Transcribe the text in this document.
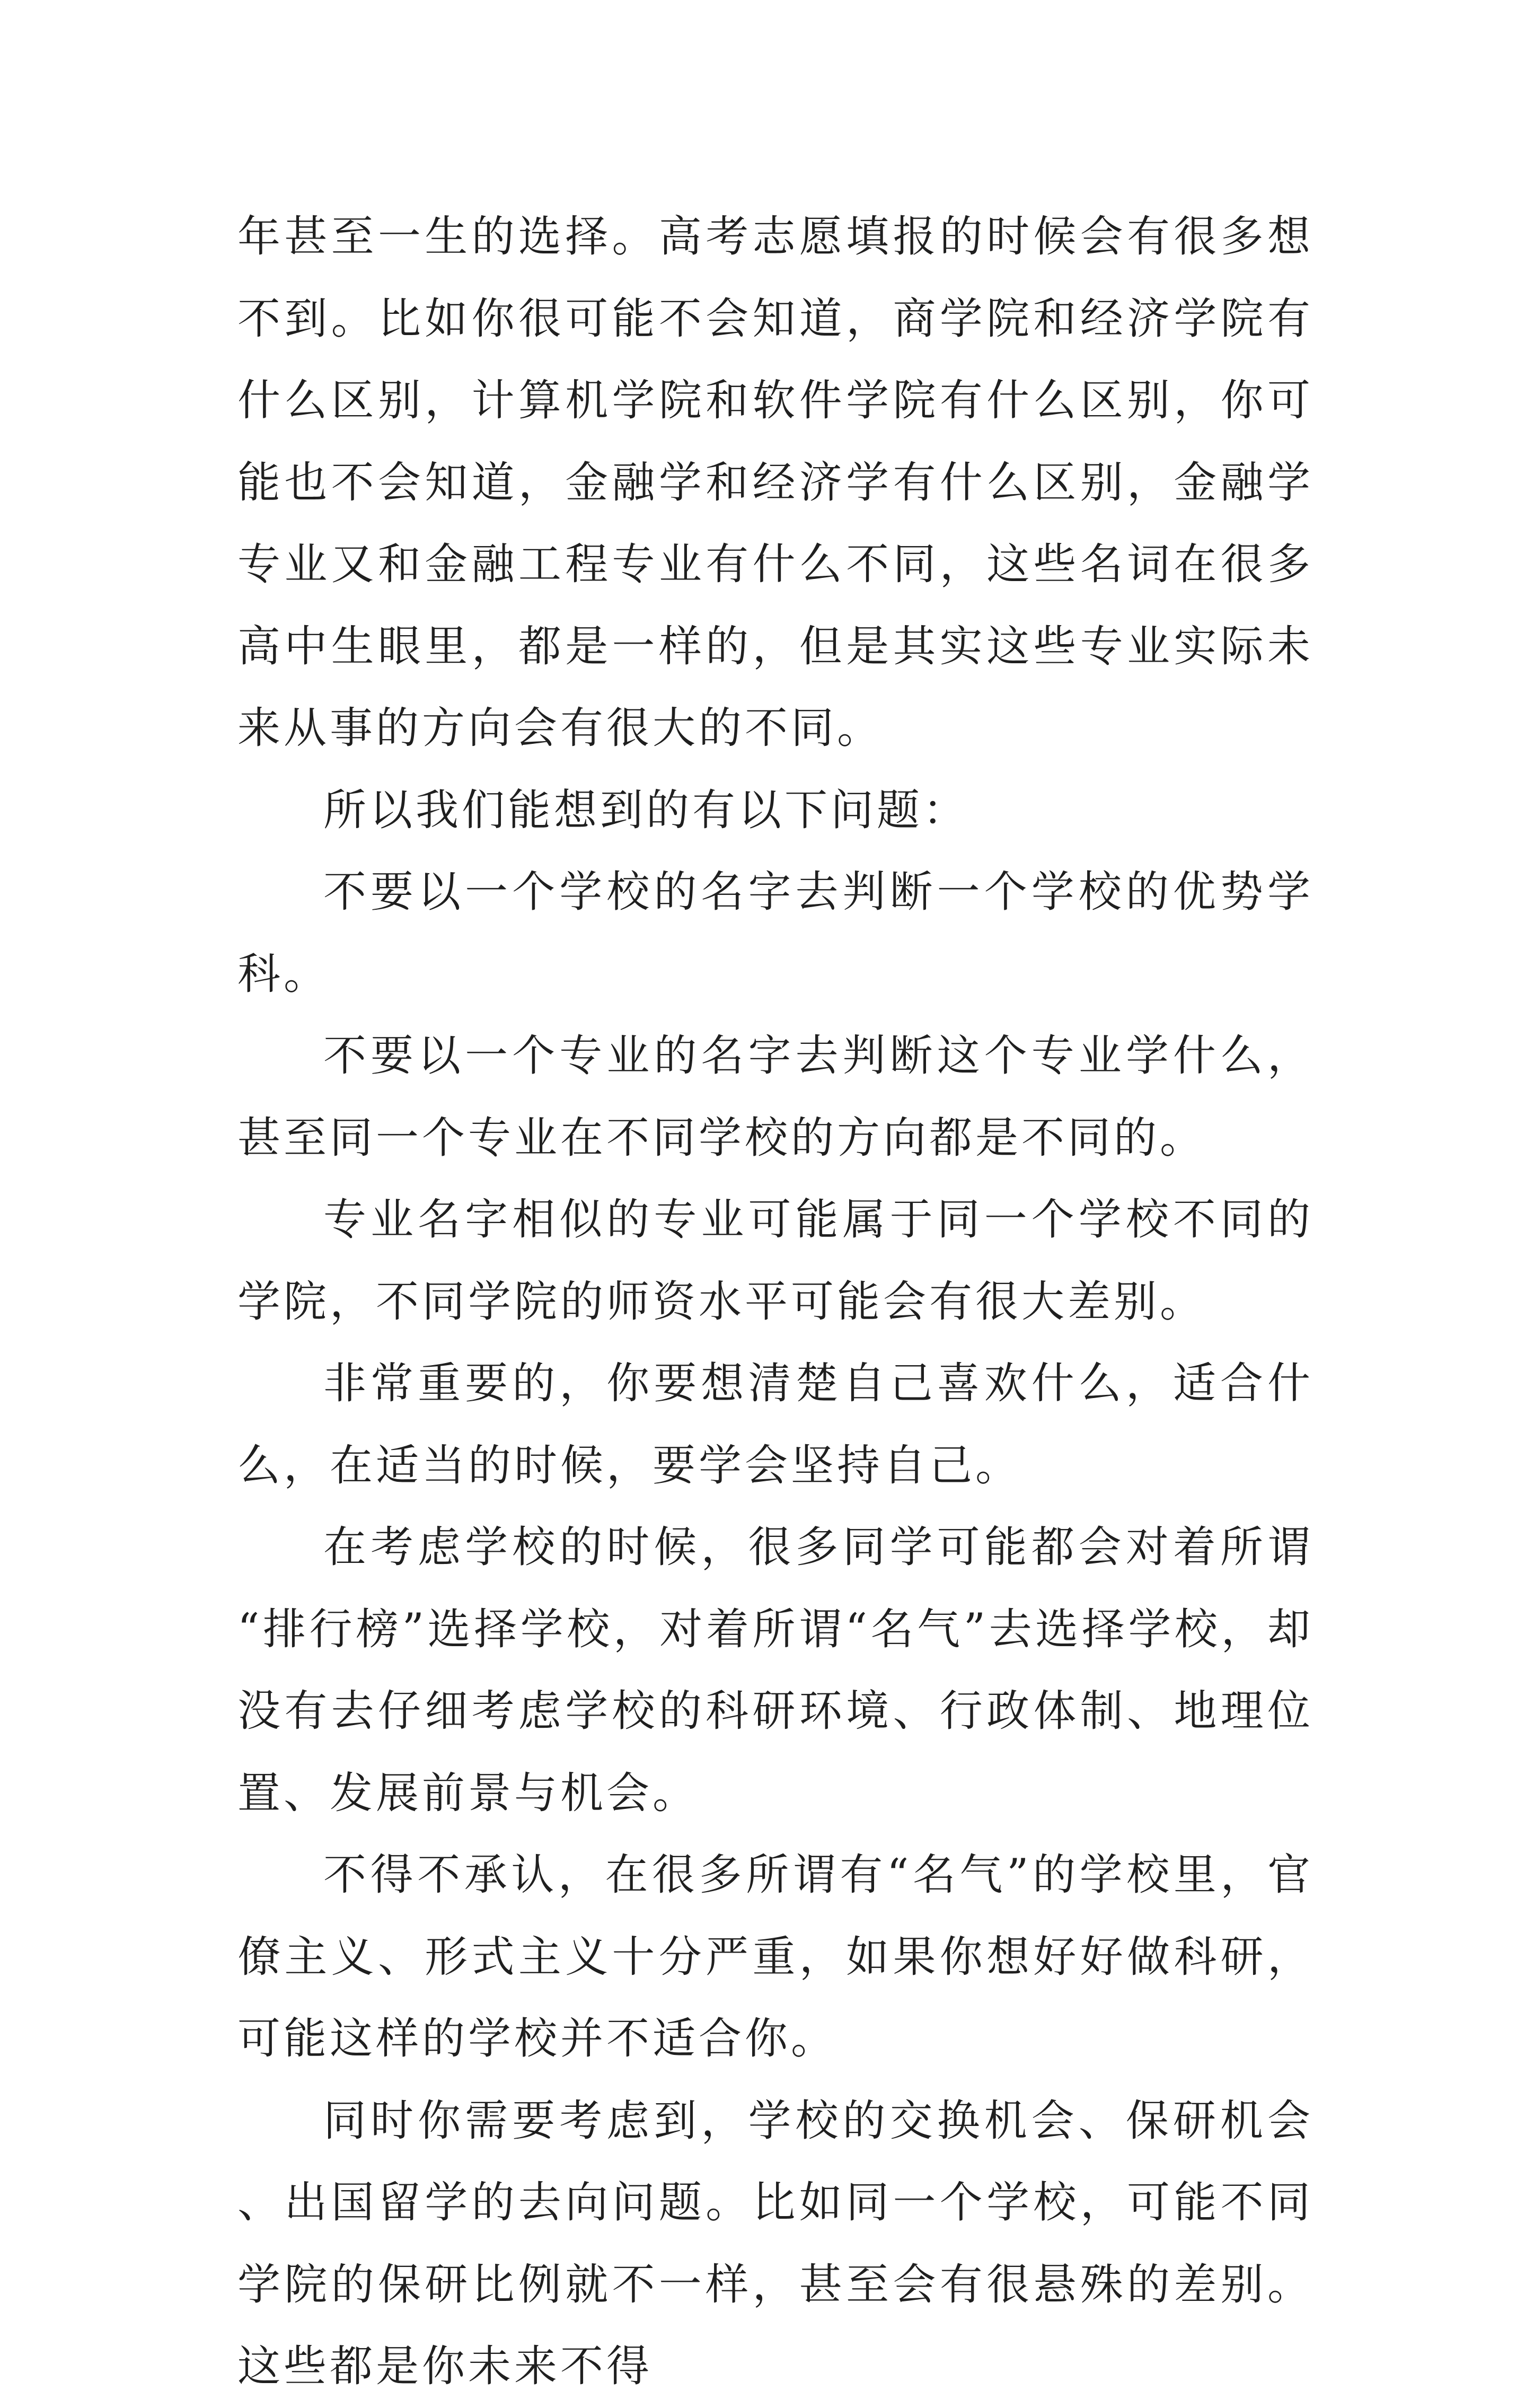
年甚至一生的选择。高考志愿填报的时候会有很多想不到。比如你很可能不会知道，商学院和经济学院有什么区别，计算机学院和软件学院有什么区别，你可能也不会知道，金融学和经济学有什么区别，金融学专业又和金融工程专业有什么不同，这些名词在很多高中生眼里，都是一样的，但是其实这些专业实际未来从事的方向会有很大的不同。

所以我们能想到的有以下问题：

不要以一个学校的名字去判断一个学校的优势学科。

不要以一个专业的名字去判断这个专业学什么，甚至同一个专业在不同学校的方向都是不同的。

专业名字相似的专业可能属于同一个学校不同的学院，不同学院的师资水平可能会有很大差别。

非常重要的，你要想清楚自己喜欢什么，适合什么，在适当的时候，要学会坚持自己。

在考虑学校的时候，很多同学可能都会对着所谓“排行榜”选择学校，对着所谓“名气”去选择学校，却没有去仔细考虑学校的科研环境、行政体制、地理位置、发展前景与机会。

不得不承认，在很多所谓有“名气”的学校里，官僚主义、形式主义十分严重，如果你想好好做科研，可能这样的学校并不适合你。

同时你需要考虑到，学校的交换机会、保研机会、出国留学的去向问题。比如同一个学校，可能不同学院的保研比例就不一样，甚至会有很悬殊的差别。这些都是你未来不得
